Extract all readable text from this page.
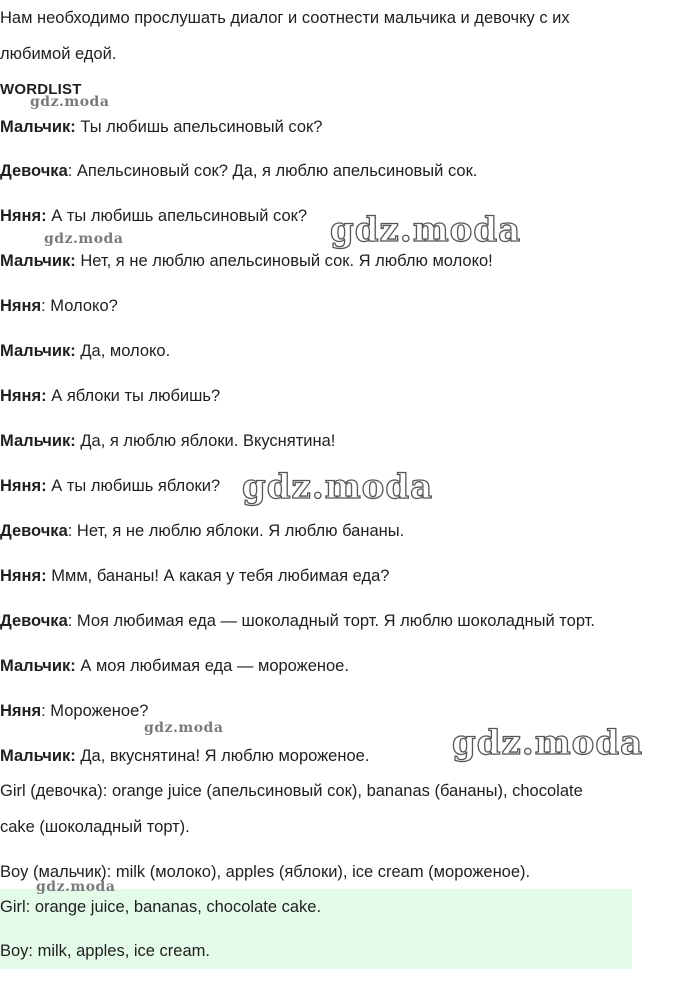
Нам необходимо прослушать диалог и соотнести мальчика и девочку с их

любимой едой.

WORDLIST

Мальчик: Ты любишь апельсиновый сок?

Девочка: Апельсиновый сок? Да, я люблю апельсиновый сок.

Няня: А ты любишь апельсиновый сок?

Мальчик: Нет, я не люблю апельсиновый сок. Я люблю молоко!

Няня: Молоко?

Мальчик: Да, молоко.

Няня: А яблоки ты любишь?

Мальчик: Да, я люблю яблоки. Вкуснятина!

Няня: А ты любишь яблоки?

Девочка: Нет, я не люблю яблоки. Я люблю бананы.

Няня: Ммм, бананы! А какая у тебя любимая еда?

Девочка: Моя любимая еда — шоколадный торт. Я люблю шоколадный торт.

Мальчик: А моя любимая еда — мороженое.

Няня: Мороженое?

Мальчик: Да, вкуснятина! Я люблю мороженое.

Girl (девочка): orange juice (апельсиновый сок), bananas (бананы), chocolate

cake (шоколадный торт).

Boy (мальчик): milk (молоко), apples (яблоки), ice cream (мороженое).

Girl: orange juice, bananas, chocolate cake.

Boy: milk, apples, ice cream.

gdz.moda
gdz.moda	gdz.moda
gdz.moda
gdz.moda	gdz.moda
gdz.moda
